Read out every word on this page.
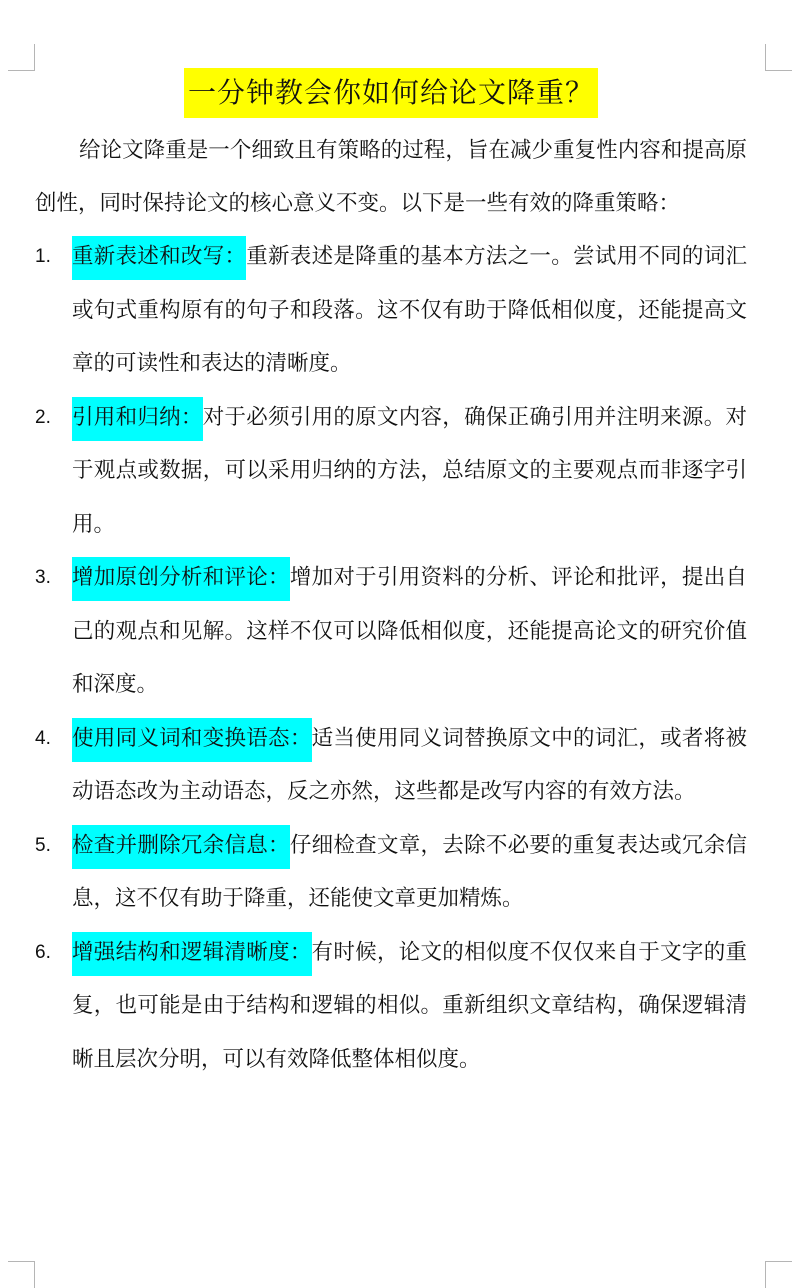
一分钟教会你如何给论文降重？

给论文降重是一个细致且有策略的过程，旨在减少重复性内容和提高原创性，同时保持论文的核心意义不变。以下是一些有效的降重策略：

1. 重新表述和改写：重新表述是降重的基本方法之一。尝试用不同的词汇或句式重构原有的句子和段落。这不仅有助于降低相似度，还能提高文章的可读性和表达的清晰度。
2. 引用和归纳：对于必须引用的原文内容，确保正确引用并注明来源。对于观点或数据，可以采用归纳的方法，总结原文的主要观点而非逐字引用。
3. 增加原创分析和评论：增加对于引用资料的分析、评论和批评，提出自己的观点和见解。这样不仅可以降低相似度，还能提高论文的研究价值和深度。
4. 使用同义词和变换语态：适当使用同义词替换原文中的词汇，或者将被动语态改为主动语态，反之亦然，这些都是改写内容的有效方法。
5. 检查并删除冗余信息：仔细检查文章，去除不必要的重复表达或冗余信息，这不仅有助于降重，还能使文章更加精炼。
6. 增强结构和逻辑清晰度：有时候，论文的相似度不仅仅来自于文字的重复，也可能是由于结构和逻辑的相似。重新组织文章结构，确保逻辑清晰且层次分明，可以有效降低整体相似度。
